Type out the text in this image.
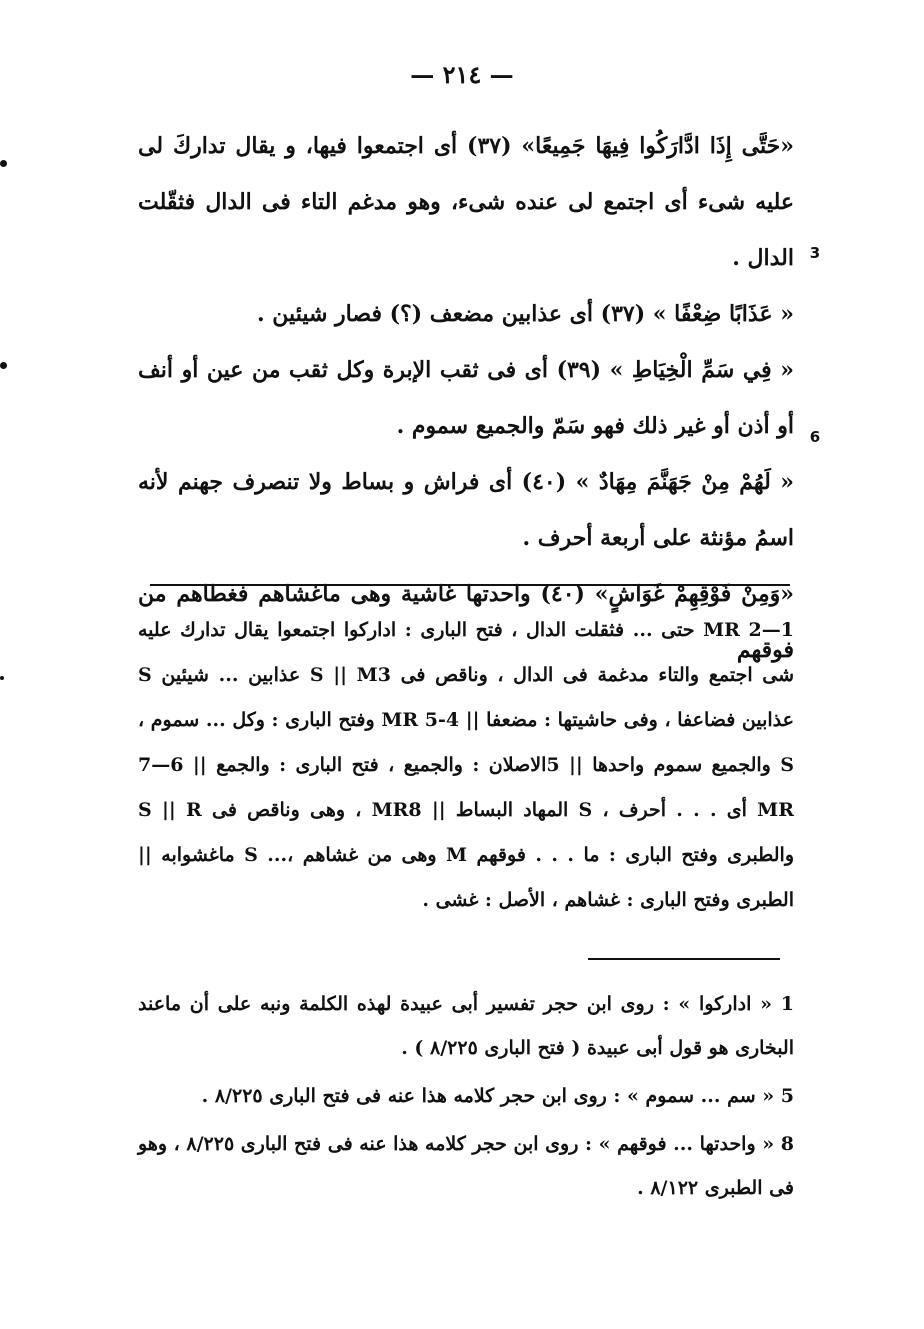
— ٢١٤ —
3
6

«حَتَّى إِذَا ادَّارَكُوا فِيهَا جَمِيعًا» (٣٧) أى اجتمعوا فيها، و يقال تداركَ لى عليه شىء أى اجتمع لى عنده شىء، وهو مدغم التاء فى الدال فثقّلت الدال .

« عَذَابًا ضِعْفًا » (٣٧) أى عذابين مضعف (؟) فصار شيئين .

« فِي سَمِّ الْخِيَاطِ » (٣٩) أى فى ثقب الإبرة وكل ثقب من عين أو أنف أو أذن أو غير ذلك فهو سَمّ والجميع سموم .

« لَهُمْ مِنْ جَهَنَّمَ مِهَادٌ » (٤٠) أى فراش و بساط ولا تنصرف جهنم لأنه اسمُ مؤنثة على أربعة أحرف .

«وَمِنْ فَوْقِهِمْ غَوَاشٍ» (٤٠) واحدتها غاشية وهى ماغشاهم فغطاهم من فوقهم

1—2 MR حتى ... فثقلت الدال ، فتح البارى : اداركوا اجتمعوا يقال تدارك عليه شى اجتمع والتاء مدغمة فى الدال ، وناقص فى S || M3 عذابين ... شيئين S عذابين فضاعفا ، وفى حاشيتها : مضعفا || 4-5 MR وفتح البارى : وكل ... سموم ، S والجميع سموم واحدها || 5الاصلان : والجميع ، فتح البارى : والجمع || 6—7 MR أى . . . أحرف ، S المهاد البساط || MR8 ، وهى وناقص فى S || R والطبرى وفتح البارى : ما . . . فوقهم M وهى من غشاهم ،... S ماغشوابه || الطبرى وفتح البارى : غشاهم ، الأصل : غشى .

1 « اداركوا » : روى ابن حجر تفسير أبى عبيدة لهذه الكلمة ونبه على أن ماعند البخارى هو قول أبى عبيدة ( فتح البارى ٨/٢٢٥ ) .

5 « سم ... سموم » : روى ابن حجر كلامه هذا عنه فى فتح البارى ٨/٢٢٥ .

8 « واحدتها ... فوقهم » : روى ابن حجر كلامه هذا عنه فى فتح البارى ٨/٢٢٥ ، وهو فى الطبرى ٨/١٢٢ .
